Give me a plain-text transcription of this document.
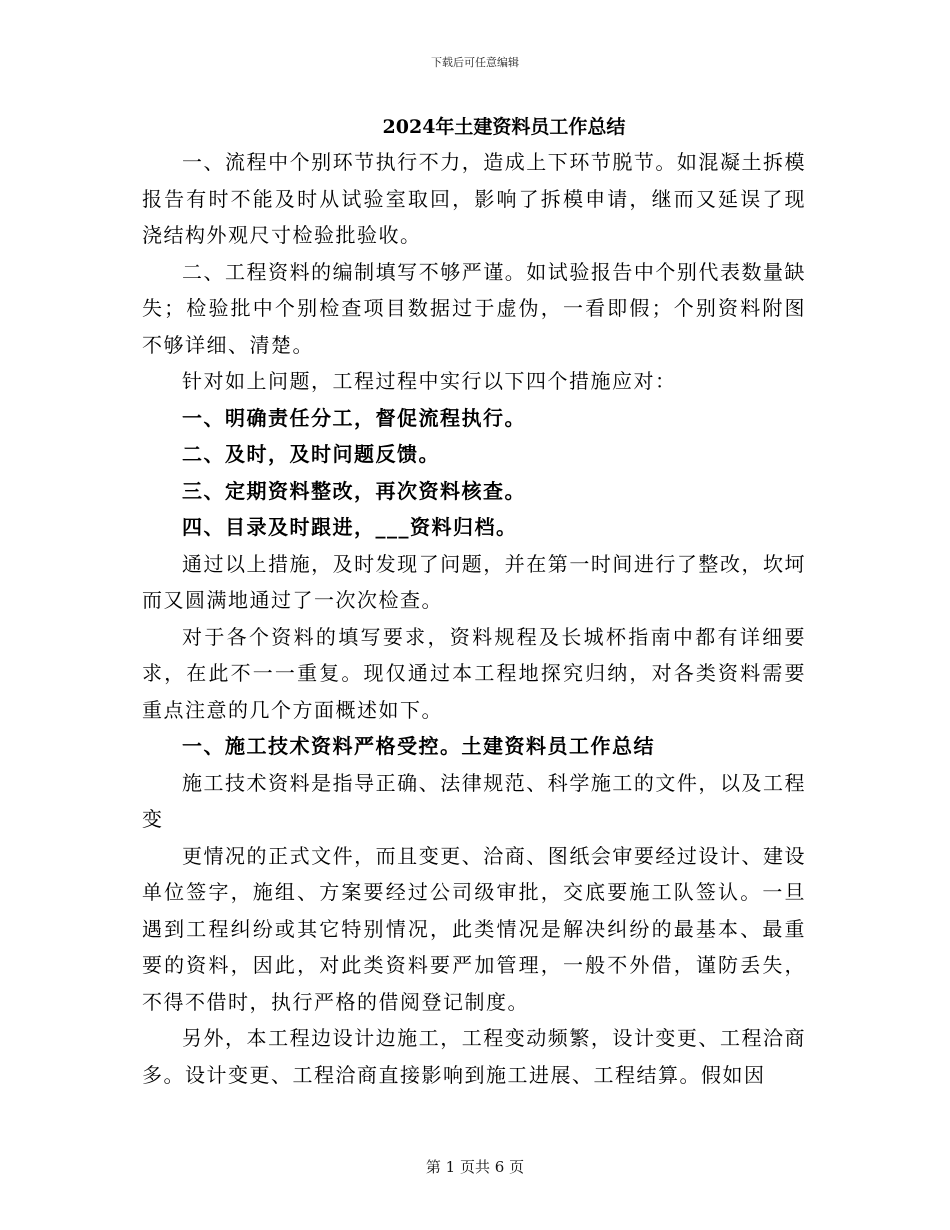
下载后可任意编辑
2024年土建资料员工作总结

一、流程中个别环节执行不力，造成上下环节脱节。如混凝土拆模报告有时不能及时从试验室取回，影响了拆模申请，继而又延误了现浇结构外观尺寸检验批验收。

二、工程资料的编制填写不够严谨。如试验报告中个别代表数量缺失；检验批中个别检查项目数据过于虚伪，一看即假；个别资料附图不够详细、清楚。

针对如上问题，工程过程中实行以下四个措施应对：

一、明确责任分工，督促流程执行。

二、及时，及时问题反馈。

三、定期资料整改，再次资料核查。

四、目录及时跟进，___资料归档。

通过以上措施，及时发现了问题，并在第一时间进行了整改，坎坷而又圆满地通过了一次次检查。

对于各个资料的填写要求，资料规程及长城杯指南中都有详细要求，在此不一一重复。现仅通过本工程地探究归纳，对各类资料需要重点注意的几个方面概述如下。

一、施工技术资料严格受控。土建资料员工作总结

施工技术资料是指导正确、法律规范、科学施工的文件，以及工程变

更情况的正式文件，而且变更、洽商、图纸会审要经过设计、建设单位签字，施组、方案要经过公司级审批，交底要施工队签认。一旦遇到工程纠纷或其它特别情况，此类情况是解决纠纷的最基本、最重要的资料，因此，对此类资料要严加管理，一般不外借，谨防丢失，不得不借时，执行严格的借阅登记制度。

另外，本工程边设计边施工，工程变动频繁，设计变更、工程洽商多。设计变更、工程洽商直接影响到施工进展、工程结算。假如因

第 1 页共 6 页
